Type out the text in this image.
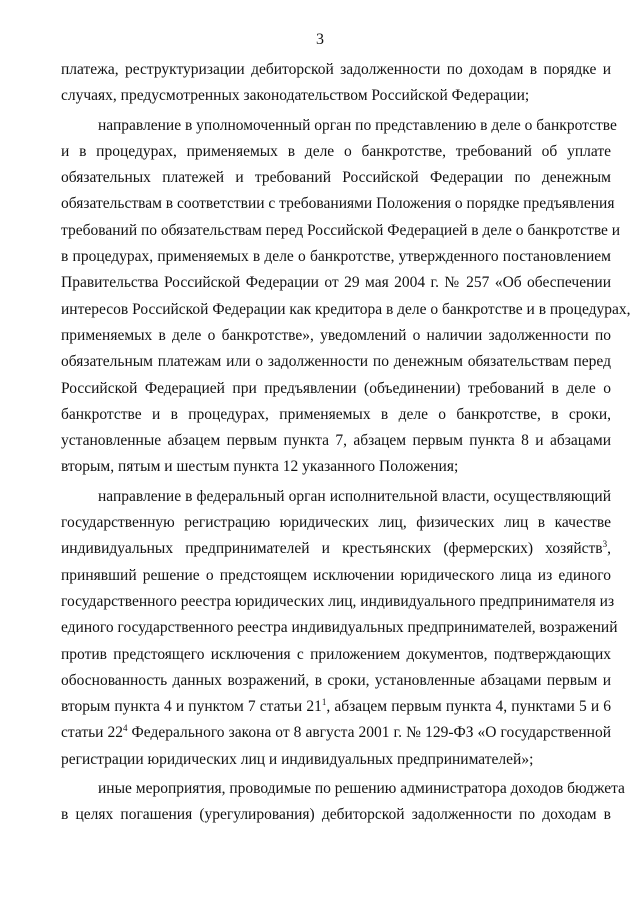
3
платежа, реструктуризации дебиторской задолженности по доходам в порядке и
случаях, предусмотренных законодательством Российской Федерации;
направление в уполномоченный орган по представлению в деле о банкротстве
и в процедурах, применяемых в деле о банкротстве, требований об уплате
обязательных платежей и требований Российской Федерации по денежным
обязательствам в соответствии с требованиями Положения о порядке предъявления
требований по обязательствам перед Российской Федерацией в деле о банкротстве и
в процедурах, применяемых в деле о банкротстве, утвержденного постановлением
Правительства Российской Федерации от 29 мая 2004 г. № 257 «Об обеспечении
интересов Российской Федерации как кредитора в деле о банкротстве и в процедурах,
применяемых в деле о банкротстве», уведомлений о наличии задолженности по
обязательным платежам или о задолженности по денежным обязательствам перед
Российской Федерацией при предъявлении (объединении) требований в деле о
банкротстве и в процедурах, применяемых в деле о банкротстве, в сроки,
установленные абзацем первым пункта 7, абзацем первым пункта 8 и абзацами
вторым, пятым и шестым пункта 12 указанного Положения;
направление в федеральный орган исполнительной власти, осуществляющий
государственную регистрацию юридических лиц, физических лиц в качестве
индивидуальных предпринимателей и крестьянских (фермерских) хозяйств$^3$,
принявший решение о предстоящем исключении юридического лица из единого
государственного реестра юридических лиц, индивидуального предпринимателя из
единого государственного реестра индивидуальных предпринимателей, возражений
против предстоящего исключения с приложением документов, подтверждающих
обоснованность данных возражений, в сроки, установленные абзацами первым и
вторым пункта 4 и пунктом 7 статьи $21^1$, абзацем первым пункта 4, пунктами 5 и 6
статьи $22^4$ Федерального закона от 8 августа 2001 г. № 129-ФЗ «О государственной
регистрации юридических лиц и индивидуальных предпринимателей»;
иные мероприятия, проводимые по решению администратора доходов бюджета
в целях погашения (урегулирования) дебиторской задолженности по доходам в
